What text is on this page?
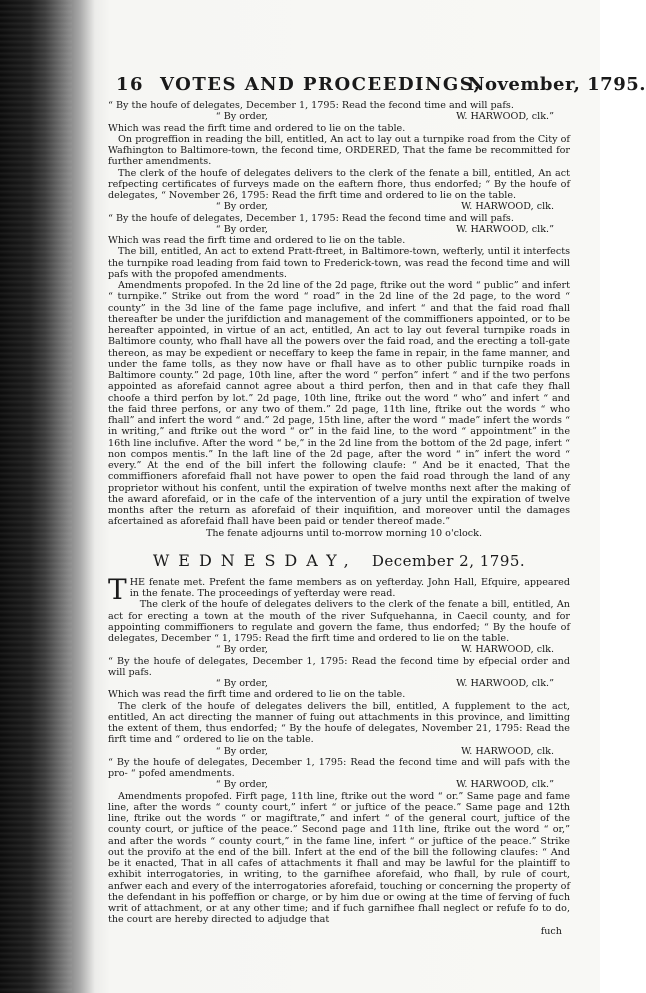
16 VOTES AND PROCEEDINGS,
November, 1795.

“ By the houfe of delegates, December 1, 1795: Read the fecond time and will pafs.

“ By order,	W. HARWOOD, clk.”

Which was read the firft time and ordered to lie on the table.

On progreffion in reading the bill, entitled, An act to lay out a turnpike road from the City of Wafhington to Baltimore-town, the fecond time, ORDERED, That the fame be recommitted for further amendments.

The clerk of the houfe of delegates delivers to the clerk of the fenate a bill, entitled, An act refpecting certificates of furveys made on the eaftern fhore, thus endorfed; “ By the houfe of delegates, “ November 26, 1795: Read the firft time and ordered to lie on the table.

“ By order,	W. HARWOOD, clk.

“ By the houfe of delegates, December 1, 1795: Read the fecond time and will pafs.

“ By order,	W. HARWOOD, clk.”

Which was read the firft time and ordered to lie on the table.

The bill, entitled, An act to extend Pratt-ftreet, in Baltimore-town, wefterly, until it interfects the turnpike road leading from faid town to Frederick-town, was read the fecond time and will pafs with the propofed amendments.

Amendments propofed. In the 2d line of the 2d page, ftrike out the word “ public” and infert “ turnpike.” Strike out from the word “ road” in the 2d line of the 2d page, to the word “ county” in the 3d line of the fame page inclufive, and infert “ and that the faid road fhall thereafter be under the jurifdiction and management of the commiffioners appointed, or to be hereafter appointed, in virtue of an act, entitled, An act to lay out feveral turnpike roads in Baltimore county, who fhall have all the powers over the faid road, and the erecting a toll-gate thereon, as may be expedient or neceffary to keep the fame in repair, in the fame manner, and under the fame tolls, as they now have or fhall have as to other public turnpike roads in Baltimore county.” 2d page, 10th line, after the word “ perfon” infert “ and if the two perfons appointed as aforefaid cannot agree about a third perfon, then and in that cafe they fhall choofe a third perfon by lot.” 2d page, 10th line, ftrike out the word “ who” and infert “ and the faid three perfons, or any two of them.” 2d page, 11th line, ftrike out the words “ who fhall” and infert the word “ and.” 2d page, 15th line, after the word “ made” infert the words “ in writing,” and ftrike out the word “ or” in the faid line, to the word “ appointment” in the 16th line inclufive. After the word “ be,” in the 2d line from the bottom of the 2d page, infert “ non compos mentis.” In the laft line of the 2d page, after the word “ in” infert the word “ every.” At the end of the bill infert the following claufe: “ And be it enacted, That the commiffioners aforefaid fhall not have power to open the faid road through the land of any proprietor without his confent, until the expiration of twelve months next after the making of the award aforefaid, or in the cafe of the intervention of a jury until the expiration of twelve months after the return as aforefaid of their inquifition, and moreover until the damages afcertained as aforefaid fhall have been paid or tender thereof made.”

The fenate adjourns until to-morrow morning 10 o'clock.

WEDNESDAY, December 2, 1795.

T HE fenate met. Prefent the fame members as on yefterday. John Hall, Efquire, appeared in the fenate. The proceedings of yefterday were read.

The clerk of the houfe of delegates delivers to the clerk of the fenate a bill, entitled, An act for erecting a town at the mouth of the river Sufquehanna, in Caecil county, and for appointing commiffioners to regulate and govern the fame, thus endorfed; “ By the houfe of delegates, December “ 1, 1795: Read the firft time and ordered to lie on the table.

“ By order,	W. HARWOOD, clk.

“ By the houfe of delegates, December 1, 1795: Read the fecond time by efpecial order and will pafs.

“ By order,	W. HARWOOD, clk.”

Which was read the firft time and ordered to lie on the table.

The clerk of the houfe of delegates delivers the bill, entitled, A fupplement to the act, entitled, An act directing the manner of fuing out attachments in this province, and limitting the extent of them, thus endorfed; “ By the houfe of delegates, November 21, 1795: Read the firft time and “ ordered to lie on the table.

“ By order,	W. HARWOOD, clk.

“ By the houfe of delegates, December 1, 1795: Read the fecond time and will pafs with the pro- “ pofed amendments.

“ By order,	W. HARWOOD, clk.”

Amendments propofed. Firft page, 11th line, ftrike out the word “ or.” Same page and fame line, after the words “ county court,” infert “ or juftice of the peace.” Same page and 12th line, ftrike out the words “ or magiftrate,” and infert “ of the general court, juftice of the county court, or juftice of the peace.” Second page and 11th line, ftrike out the word “ or,” and after the words “ county court,” in the fame line, infert “ or juftice of the peace.” Strike out the provifo at the end of the bill. Infert at the end of the bill the following claufes: “ And be it enacted, That in all cafes of attachments it fhall and may be lawful for the plaintiff to exhibit interrogatories, in writing, to the garnifhee aforefaid, who fhall, by rule of court, anfwer each and every of the interrogatories aforefaid, touching or concerning the property of the defendant in his poffeffion or charge, or by him due or owing at the time of ferving of fuch writ of attachment, or at any other time; and if fuch garnifhee fhall neglect or refufe fo to do, the court are hereby directed to adjudge that

fuch
